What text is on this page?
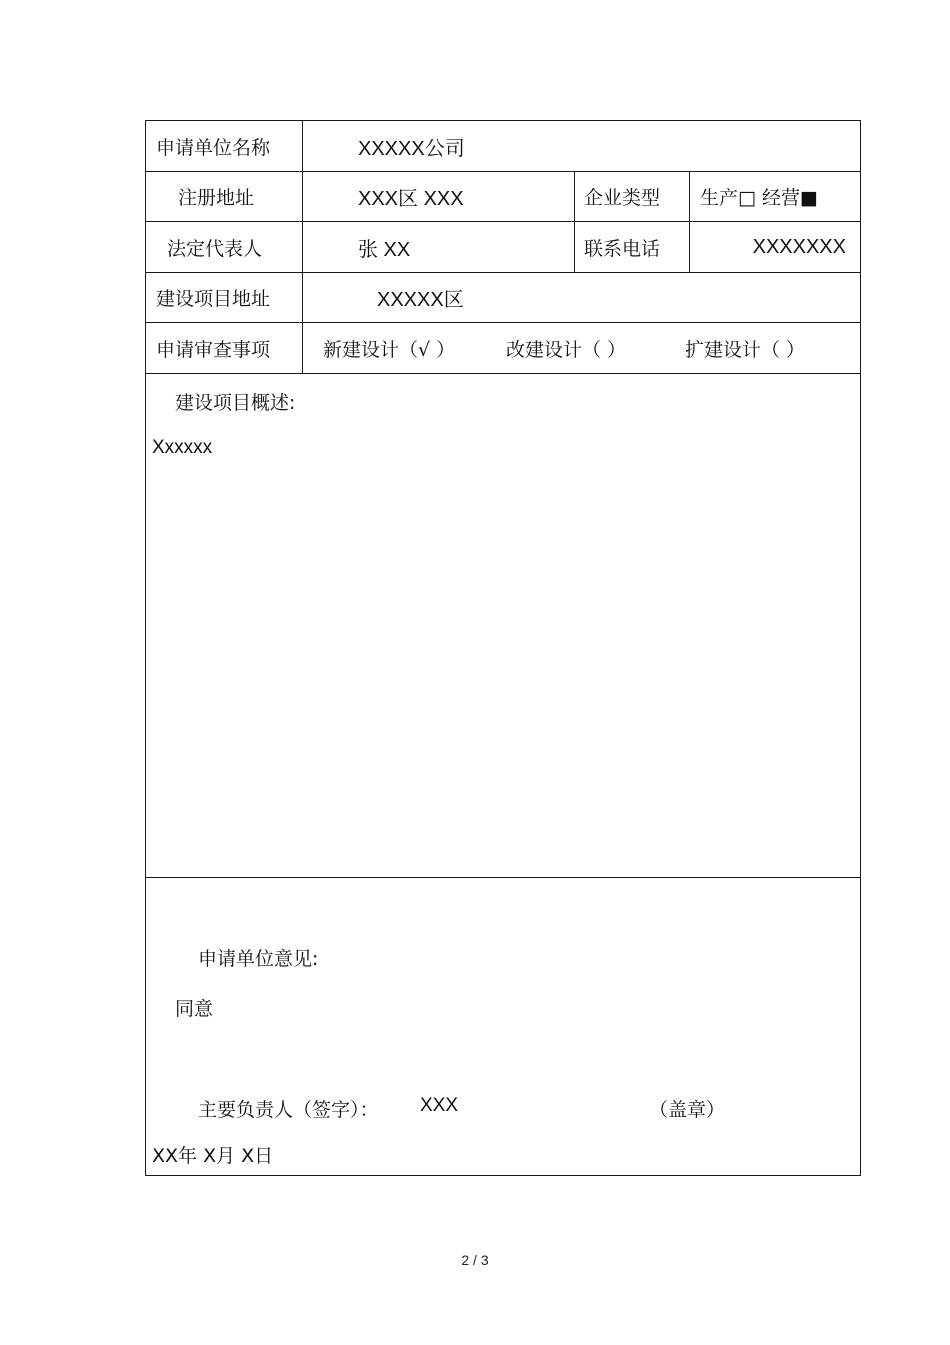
申请单位名称	XXXXX公司
注册地址	XXX区 XXX	企业类型 生产□ 经营■
法定代表人	张 XX	联系电话	XXXXXXX
建设项目地址	XXXXX区
申请审查事项	新建设计（√ ）	改建设计（ ）	扩建设计（ ）
建设项目概述:
Xxxxxx
申请单位意见:
同意
主要负责人（签字）： XXX	（盖章）
XX年 X月 X日
2 / 3
